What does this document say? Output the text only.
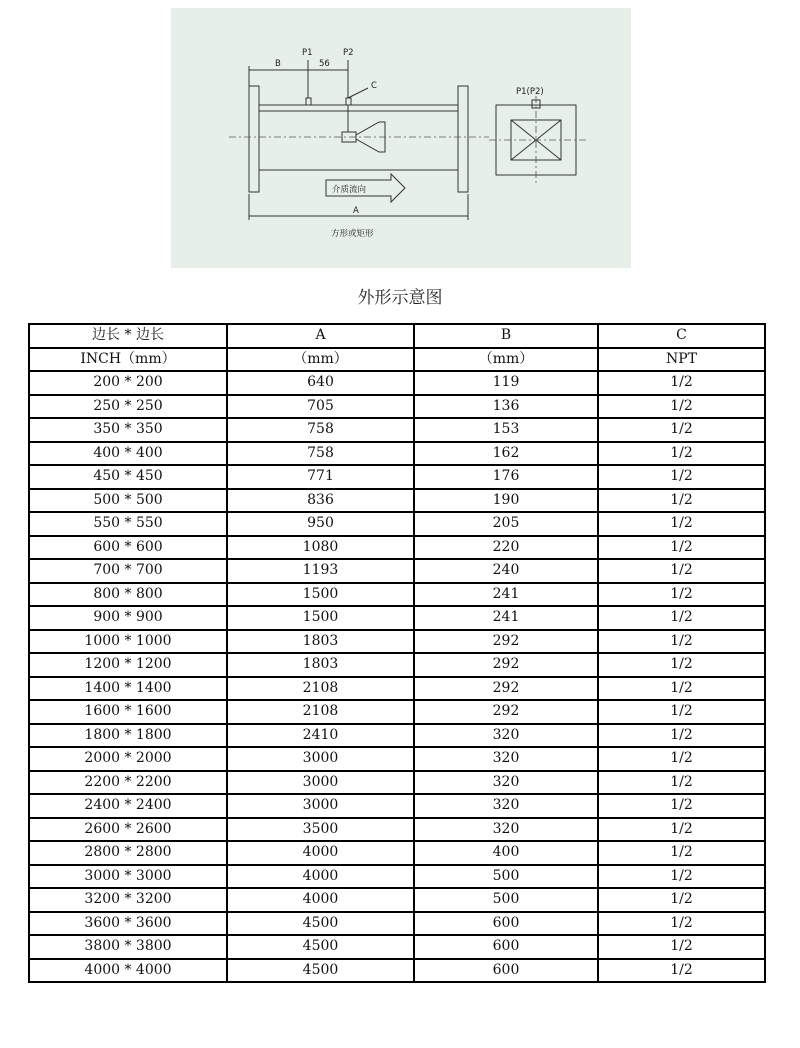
P1	P2
56
B
C
P1(P2)
A
介质流向
方形或矩形
外形示意图
边长 * 边长	A	B	C
INCH（mm）	（mm）	（mm）	NPT
200 * 200	640	119	1/2
250 * 250	705	136	1/2
350 * 350	758	153	1/2
400 * 400	758	162	1/2
450 * 450	771	176	1/2
500 * 500	836	190	1/2
550 * 550	950	205	1/2
600 * 600	1080	220	1/2
700 * 700	1193	240	1/2
800 * 800	1500	241	1/2
900 * 900	1500	241	1/2
1000 * 1000	1803	292	1/2
1200 * 1200	1803	292	1/2
1400 * 1400	2108	292	1/2
1600 * 1600	2108	292	1/2
1800 * 1800	2410	320	1/2
2000 * 2000	3000	320	1/2
2200 * 2200	3000	320	1/2
2400 * 2400	3000	320	1/2
2600 * 2600	3500	320	1/2
2800 * 2800	4000	400	1/2
3000 * 3000	4000	500	1/2
3200 * 3200	4000	500	1/2
3600 * 3600	4500	600	1/2
3800 * 3800	4500	600	1/2
4000 * 4000	4500	600	1/2
